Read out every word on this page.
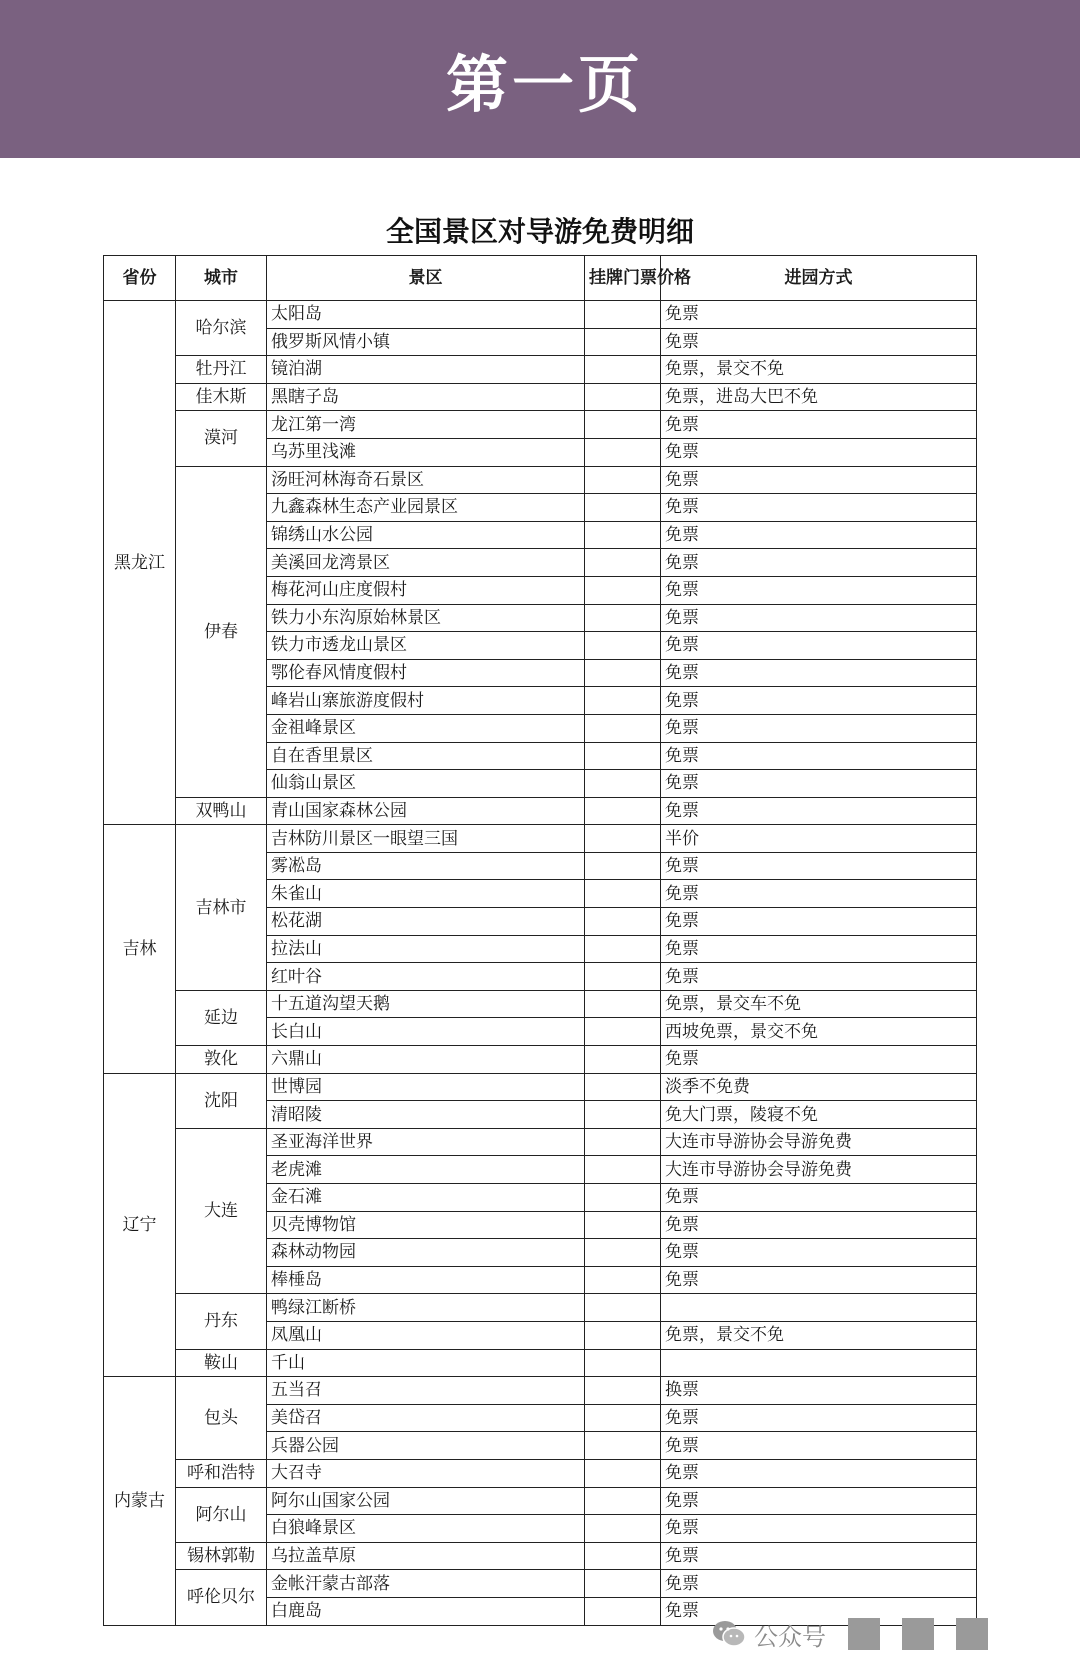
第一页
全国景区对导游免费明细
省份	城市	景区	挂牌门票价格	进园方式
黑龙江	哈尔滨	太阳岛		免票
		俄罗斯风情小镇		免票
	牡丹江	镜泊湖		免票，景交不免
	佳木斯	黑瞎子岛		免票，进岛大巴不免
	漠河	龙江第一湾		免票
		乌苏里浅滩		免票
	伊春	汤旺河林海奇石景区		免票
		九鑫森林生态产业园景区		免票
		锦绣山水公园		免票
		美溪回龙湾景区		免票
		梅花河山庄度假村		免票
		铁力小东沟原始林景区		免票
		铁力市透龙山景区		免票
		鄂伦春风情度假村		免票
		峰岩山寨旅游度假村		免票
		金祖峰景区		免票
		自在香里景区		免票
		仙翁山景区		免票
	双鸭山	青山国家森林公园		免票
吉林	吉林市	吉林防川景区一眼望三国		半价
		雾凇岛		免票
		朱雀山		免票
		松花湖		免票
		拉法山		免票
		红叶谷		免票
	延边	十五道沟望天鹅		免票，景交车不免
		长白山		西坡免票，景交不免
	敦化	六鼎山		免票
辽宁	沈阳	世博园		淡季不免费
		清昭陵		免大门票，陵寝不免
	大连	圣亚海洋世界		大连市导游协会导游免费
		老虎滩		大连市导游协会导游免费
		金石滩		免票
		贝壳博物馆		免票
		森林动物园		免票
		棒棰岛		免票
	丹东	鸭绿江断桥		
		凤凰山		免票，景交不免
	鞍山	千山		
内蒙古	包头	五当召		换票
		美岱召		免票
		兵器公园		免票
	呼和浩特	大召寺		免票
	阿尔山	阿尔山国家公园		免票
		白狼峰景区		免票
	锡林郭勒	乌拉盖草原		免票
	呼伦贝尔	金帐汗蒙古部落		免票
		白鹿岛		免票
公众号
